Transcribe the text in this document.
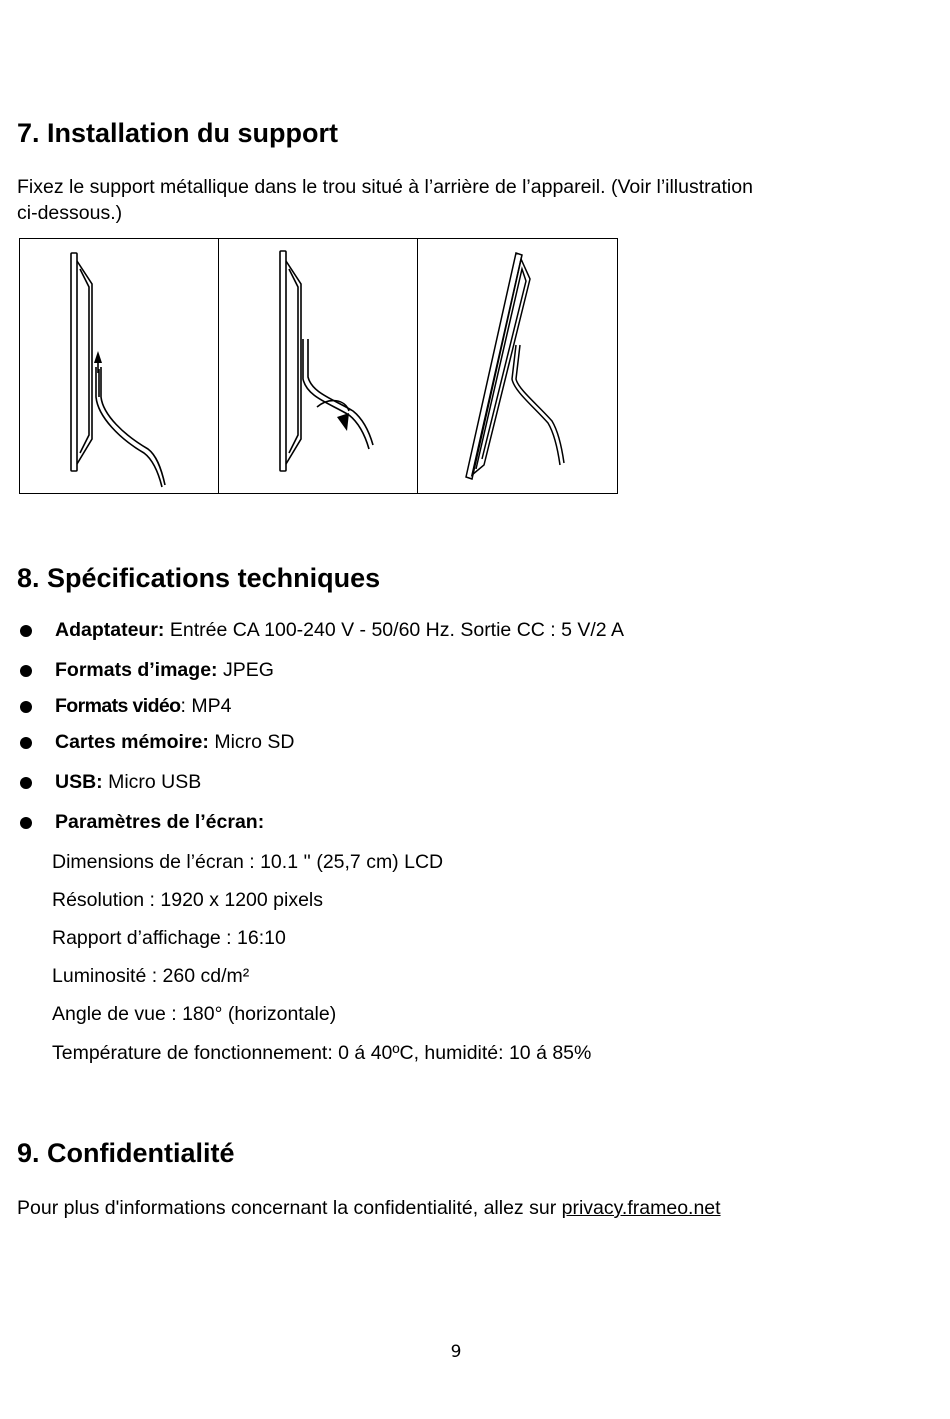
7. Installation du support
Fixez le support métallique dans le trou situé à l’arrière de l’appareil. (Voir l’illustration
ci-dessous.)
8. Spécifications techniques
Adaptateur: Entrée CA 100-240 V - 50/60 Hz. Sortie CC : 5 V/2 A
Formats d’image: JPEG
Formats vidéo: MP4
Cartes mémoire: Micro SD
USB: Micro USB
Paramètres de l’écran:
Dimensions de l’écran : 10.1 '' (25,7 cm) LCD
Résolution : 1920 x 1200 pixels
Rapport d’affichage : 16:10
Luminosité : 260 cd/m²
Angle de vue : 180° (horizontale)
Température de fonctionnement: 0 á 40ºC, humidité: 10 á 85%
9. Confidentialité
Pour plus d'informations concernant la confidentialité, allez sur privacy.frameo.net
9
